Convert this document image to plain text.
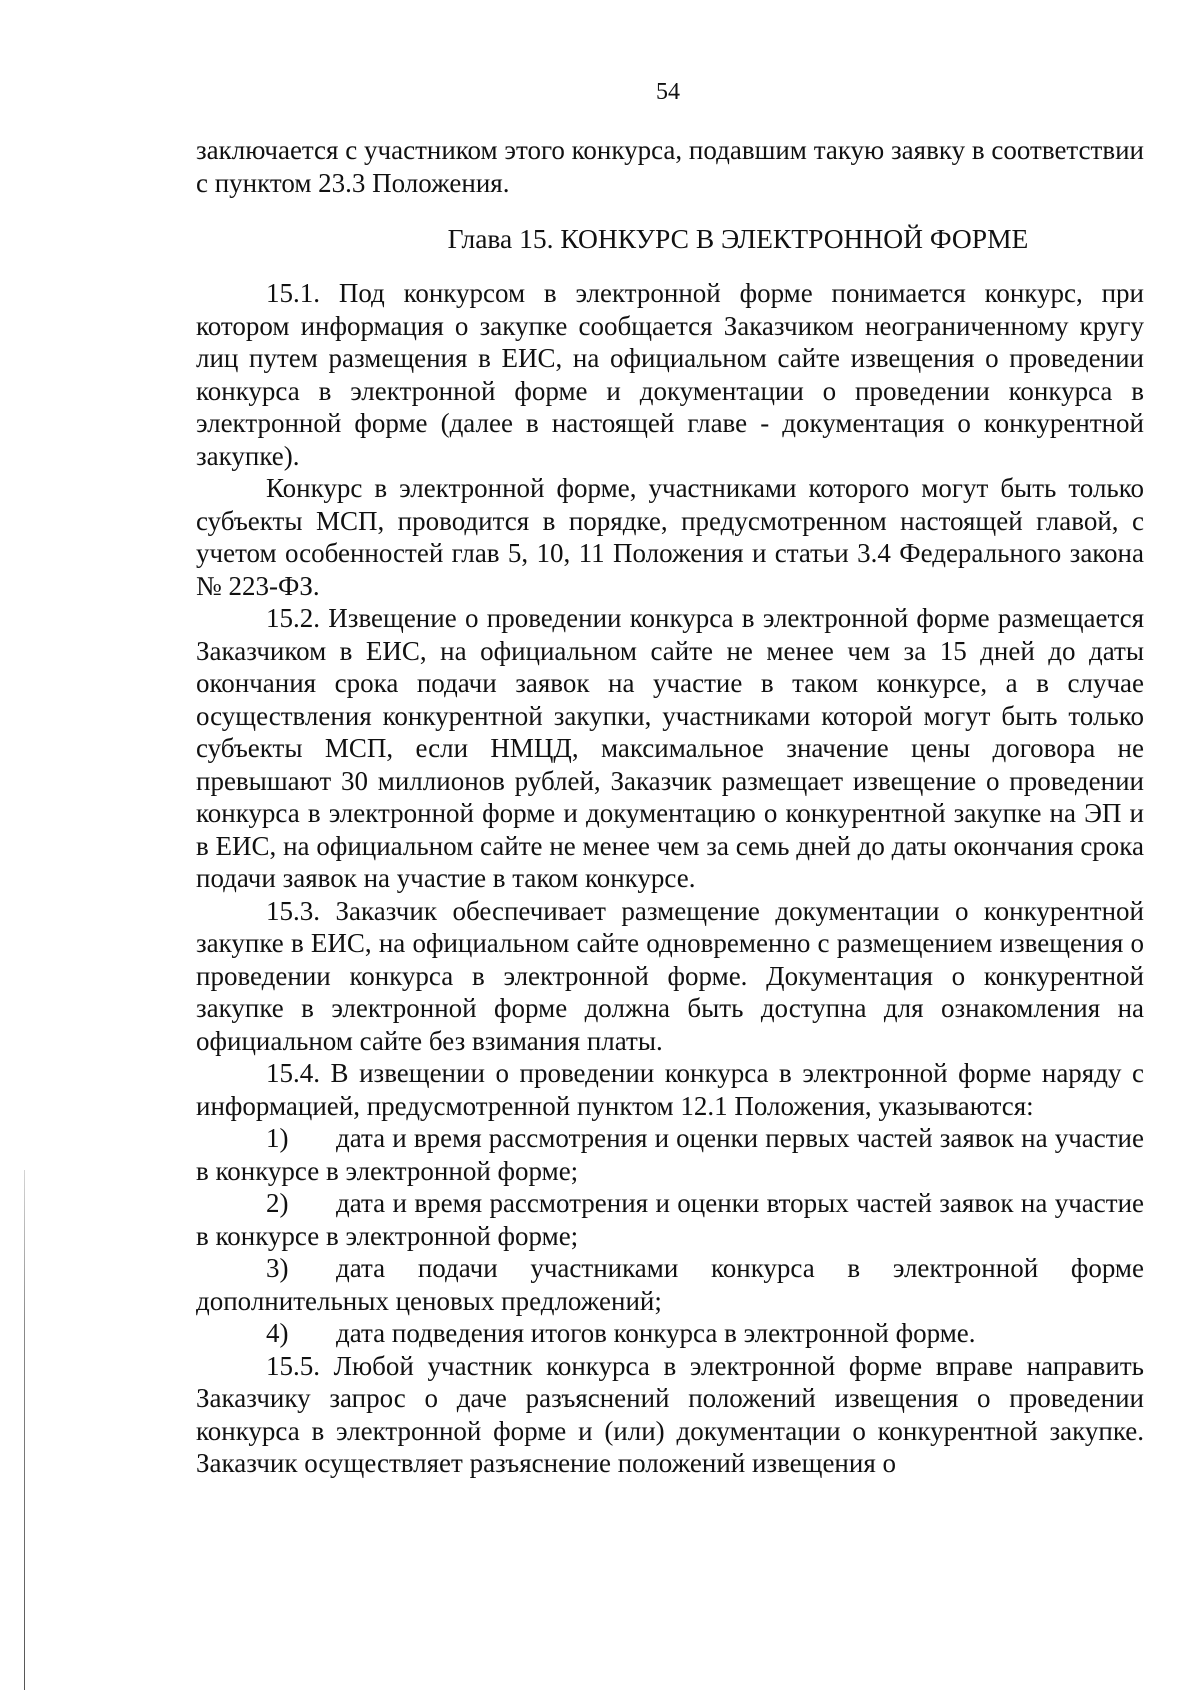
54

заключается с участником этого конкурса, подавшим такую заявку в соответствии с пунктом 23.3 Положения.

Глава 15. КОНКУРС В ЭЛЕКТРОННОЙ ФОРМЕ

15.1. Под конкурсом в электронной форме понимается конкурс, при котором информация о закупке сообщается Заказчиком неограниченному кругу лиц путем размещения в ЕИС, на официальном сайте извещения о проведении конкурса в электронной форме и документации о проведении конкурса в электронной форме (далее в настоящей главе - документация о конкурентной закупке).

Конкурс в электронной форме, участниками которого могут быть только субъекты МСП, проводится в порядке, предусмотренном настоящей главой, с учетом особенностей глав 5, 10, 11 Положения и статьи 3.4 Федерального закона № 223-ФЗ.

15.2. Извещение о проведении конкурса в электронной форме размещается Заказчиком в ЕИС, на официальном сайте не менее чем за 15 дней до даты окончания срока подачи заявок на участие в таком конкурсе, а в случае осуществления конкурентной закупки, участниками которой могут быть только субъекты МСП, если НМЦД, максимальное значение цены договора не превышают 30 миллионов рублей, Заказчик размещает извещение о проведении конкурса в электронной форме и документацию о конкурентной закупке на ЭП и в ЕИС, на официальном сайте не менее чем за семь дней до даты окончания срока подачи заявок на участие в таком конкурсе.

15.3. Заказчик обеспечивает размещение документации о конкурентной закупке в ЕИС, на официальном сайте одновременно с размещением извещения о проведении конкурса в электронной форме. Документация о конкурентной закупке в электронной форме должна быть доступна для ознакомления на официальном сайте без взимания платы.

15.4. В извещении о проведении конкурса в электронной форме наряду с информацией, предусмотренной пунктом 12.1 Положения, указываются:

1) дата и время рассмотрения и оценки первых частей заявок на участие в конкурсе в электронной форме;

2) дата и время рассмотрения и оценки вторых частей заявок на участие в конкурсе в электронной форме;

3) дата подачи участниками конкурса в электронной форме дополнительных ценовых предложений;

4) дата подведения итогов конкурса в электронной форме.

15.5. Любой участник конкурса в электронной форме вправе направить Заказчику запрос о даче разъяснений положений извещения о проведении конкурса в электронной форме и (или) документации о конкурентной закупке. Заказчик осуществляет разъяснение положений извещения о
